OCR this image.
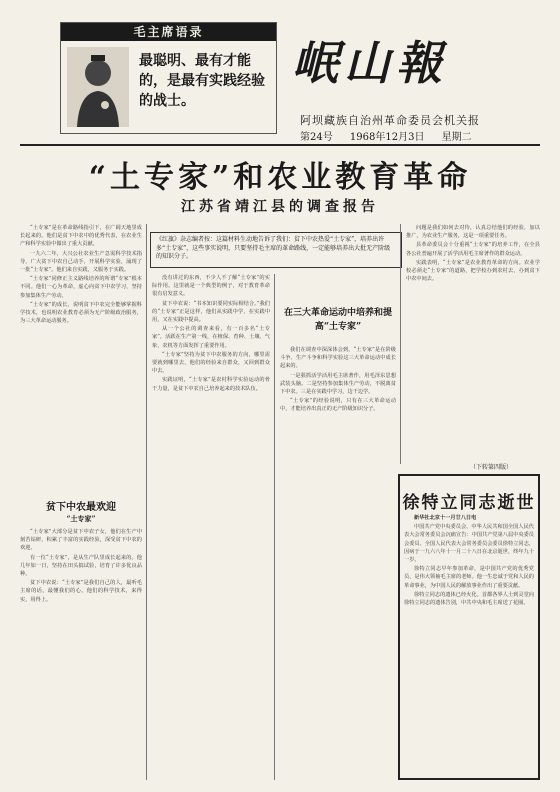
毛主席语录
最聪明、最有才能的，是最有实践经验的战士。
岷山報
阿坝藏族自治州革命委员会机关报
第24号 1968年12月3日 星期二
“土专家”和农业教育革命
江苏省靖江县的调查报告

“土专家”是在革命路线指引下，在广阔天地里成长起来的。他们是贫下中农中的优秀代表，在农业生产和科学实验中做出了重大贡献。

一九六二年，大兴公社农业生产急需科学技术指导，广大贫下中农自己动手，开展科学实验，涌现了一批“土专家”。他们来自实践，又服务于实践。

“土专家”同修正主义路线培养的所谓“专家”根本不同。他们一心为革命，虚心向贫下中农学习，坚持参加集体生产劳动。

“土专家”的成长，说明贫下中农完全能够掌握科学技术，也说明农业教育必须为无产阶级政治服务，为三大革命运动服务。

贫下中农最欢迎
“土专家”

“土专家”大部分是贫下中农子女，他们在生产中刻苦钻研，积累了丰富的实践经验，深受贫下中农的欢迎。

有一位“土专家”，是从生产队里成长起来的。他几年如一日，坚持在田头搞试验，培育了许多优良品种。

贫下中农说：“土专家”是我们自己的人，最听毛主席的话，最懂我们的心。他们的科学技术，来得实，用得上。

《红旗》杂志编者按：这篇材料生动地告诉了我们：贫下中农热爱“土专家”，培养出许多“土专家”，这些事实说明，只要坚持毛主席的革命路线，一定能够培养出大批无产阶级的知识分子。

没有讲过的东西，不少人不了解“土专家”的实际作用。这里就是一个典型的例子，对于教育革命很有启发意义。

贫下中农说：“书本知识要同实际相结合。”我们的“土专家”正是这样，他们从实践中学，在实践中用，又在实践中提高。

从一个公社的调查来看，有一百多名“土专家”，活跃在生产第一线，在植保、育种、土壤、气象、农机等方面发挥了重要作用。

“土专家”坚持为贫下中农服务的方向，哪里需要就到哪里去，他们的经验来自群众，又回到群众中去。

实践证明，“土专家”是农村科学实验运动的骨干力量，是贫下中农自己培养起来的技术队伍。

在三大革命运动中培养和提高“土专家”

我们在调查中深深体会到，“土专家”是在阶级斗争、生产斗争和科学实验这三大革命运动中成长起来的。

一是狠抓活学活用毛主席著作，用毛泽东思想武装头脑。二是坚持参加集体生产劳动，不脱离贫下中农。三是在实践中学习，边干边学。

“土专家”的经验说明，只有在三大革命运动中，才能培养出真正的无产阶级知识分子。

问题是我们如何去对待，认真总结他们的经验，加以推广，为农业生产服务，这是一项重要任务。

县革命委员会十分重视“土专家”的培养工作，在全县各公社普遍开展了活学活用毛主席著作的群众运动。

实践表明，“土专家”是农业教育革命的方向。农业学校必须走“土专家”的道路，把学校办到农村去，办到贫下中农中间去。

（下转第四版）
徐特立同志逝世

新华社北京十一月廿八日电

中国共产党中央委员会、中华人民共和国全国人民代表大会常务委员会沉痛宣告：中国共产党第八届中央委员会委员、全国人民代表大会常务委员会委员徐特立同志，因病于一九六八年十一月二十八日在北京逝世，终年九十一岁。

徐特立同志早年参加革命，是中国共产党的优秀党员，是伟大领袖毛主席的老师。他一生忠诚于党和人民的革命事业，为中国人民的解放事业作出了重要贡献。

徐特立同志的遗体已经火化。首都各界人士到灵堂向徐特立同志的遗体告别，中共中央和毛主席送了花圈。
